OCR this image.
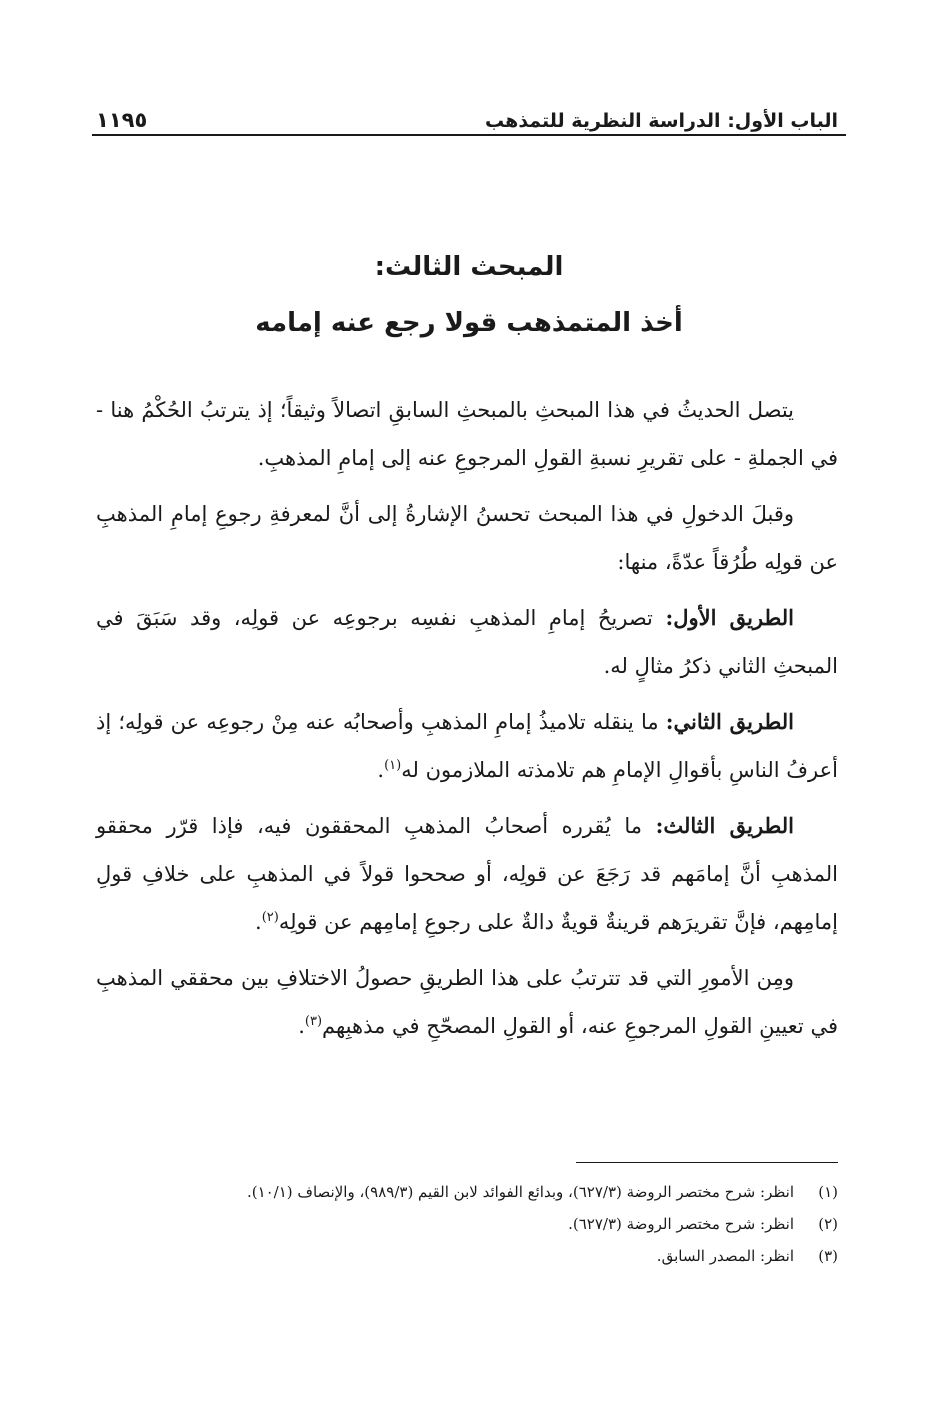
الباب الأول: الدراسة النظرية للتمذهب
١١٩٥
المبحث الثالث:
أخذ المتمذهب قولا رجع عنه إمامه

يتصل الحديثُ في هذا المبحثِ بالمبحثِ السابقِ اتصالاً وثيقاً؛ إذ يترتبُ الحُكْمُ هنا - في الجملةِ - على تقريرِ نسبةِ القولِ المرجوعِ عنه إلى إمامِ المذهبِ.

وقبلَ الدخولِ في هذا المبحث تحسنُ الإشارةُ إلى أنَّ لمعرفةِ رجوعِ إمامِ المذهبِ عن قولِه طُرُقاً عدّةً، منها:

الطريق الأول: تصريحُ إمامِ المذهبِ نفسِه برجوعِه عن قولِه، وقد سَبَقَ في المبحثِ الثاني ذكرُ مثالٍ له.

الطريق الثاني: ما ينقله تلاميذُ إمامِ المذهبِ وأصحابُه عنه مِنْ رجوعِه عن قولِه؛ إذ أعرفُ الناسِ بأقوالِ الإمامِ هم تلامذته الملازمون له$^{(١)}$.

الطريق الثالث: ما يُقرره أصحابُ المذهبِ المحققون فيه، فإذا قرّر محققو المذهبِ أنَّ إمامَهم قد رَجَعَ عن قولِه، أو صححوا قولاً في المذهبِ على خلافِ قولِ إمامِهم، فإنَّ تقريرَهم قرينةٌ قويةٌ دالةٌ على رجوعِ إمامِهم عن قولِه$^{(٢)}$.

ومِن الأمورِ التي قد تترتبُ على هذا الطريقِ حصولُ الاختلافِ بين محققي المذهبِ في تعيينِ القولِ المرجوعِ عنه، أو القولِ المصحّحِ في مذهبِهم$^{(٣)}$.

(١)
انظر: شرح مختصر الروضة (٦٢٧/٣)، وبدائع الفوائد لابن القيم (٩٨٩/٣)، والإنصاف (١٠/١).
(٢)
انظر: شرح مختصر الروضة (٦٢٧/٣).
(٣)
انظر: المصدر السابق.
